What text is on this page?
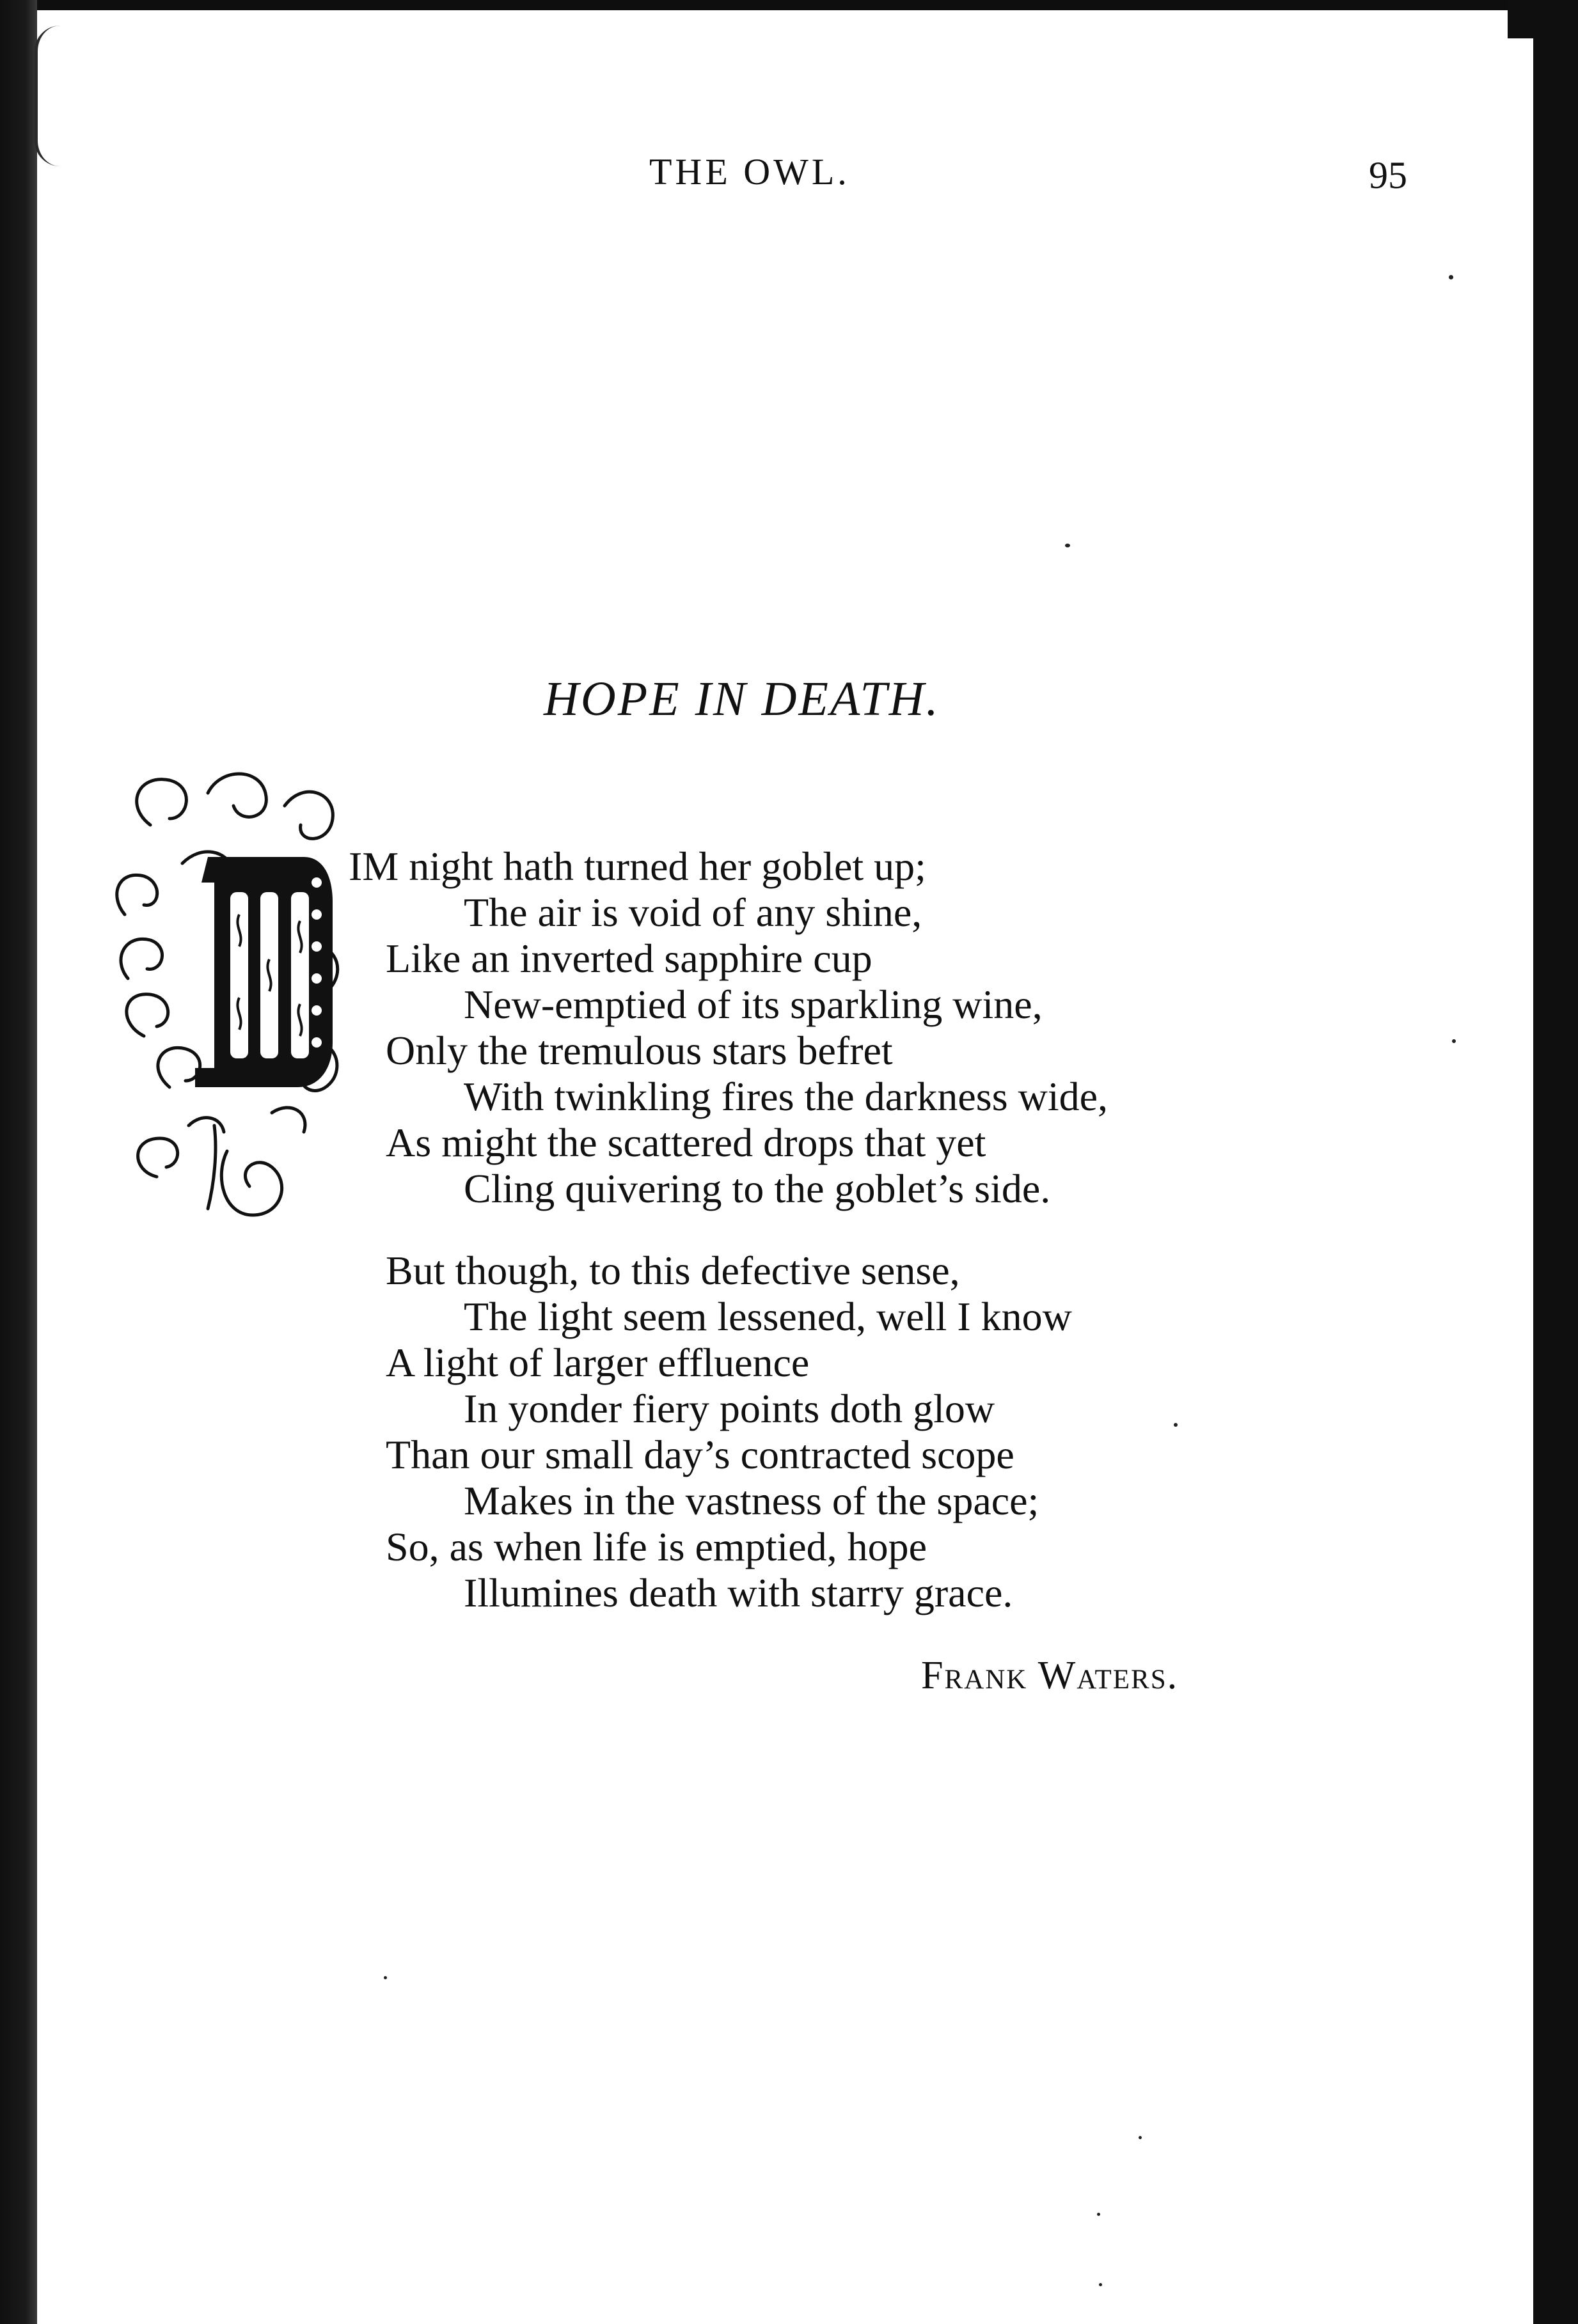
THE OWL.	95
HOPE IN DEATH.
IM night hath turned her goblet up;
The air is void of any shine,
Like an inverted sapphire cup
New-emptied of its sparkling wine,
Only the tremulous stars befret
With twinkling fires the darkness wide,
As might the scattered drops that yet
Cling quivering to the goblet’s side.
But though, to this defective sense,
The light seem lessened, well I know
A light of larger effluence
In yonder fiery points doth glow
Than our small day’s contracted scope
Makes in the vastness of the space;
So, as when life is emptied, hope
Illumines death with starry grace.
Frank Waters.
